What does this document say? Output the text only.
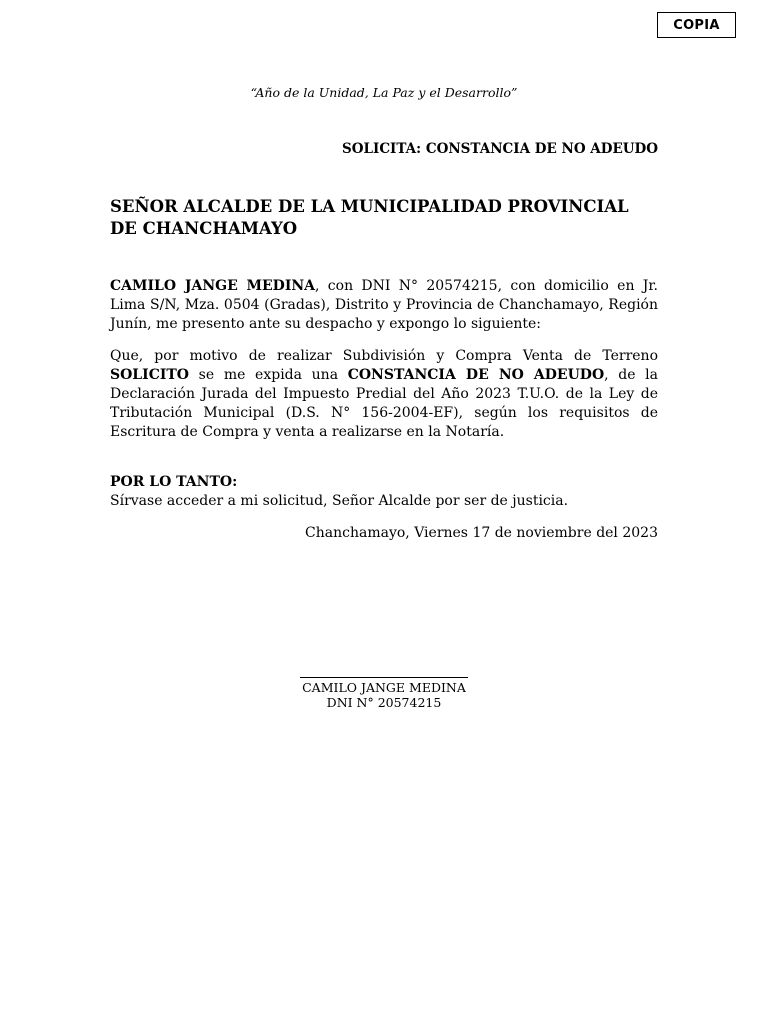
COPIA
“Año de la Unidad, La Paz y el Desarrollo”
SOLICITA: CONSTANCIA DE NO ADEUDO
SEÑOR ALCALDE DE LA MUNICIPALIDAD PROVINCIAL DE CHANCHAMAYO
CAMILO JANGE MEDINA, con DNI N° 20574215, con domicilio en Jr. Lima S/N, Mza. 0504 (Gradas), Distrito y Provincia de Chanchamayo, Región Junín, me presento ante su despacho y expongo lo siguiente:
Que, por motivo de realizar Subdivisión y Compra Venta de Terreno SOLICITO se me expida una CONSTANCIA DE NO ADEUDO, de la Declaración Jurada del Impuesto Predial del Año 2023 T.U.O. de la Ley de Tributación Municipal (D.S. N° 156-2004-EF), según los requisitos de Escritura de Compra y venta a realizarse en la Notaría.
POR LO TANTO:
Sírvase acceder a mi solicitud, Señor Alcalde por ser de justicia.
Chanchamayo, Viernes 17 de noviembre del 2023
CAMILO JANGE MEDINA
DNI N° 20574215
